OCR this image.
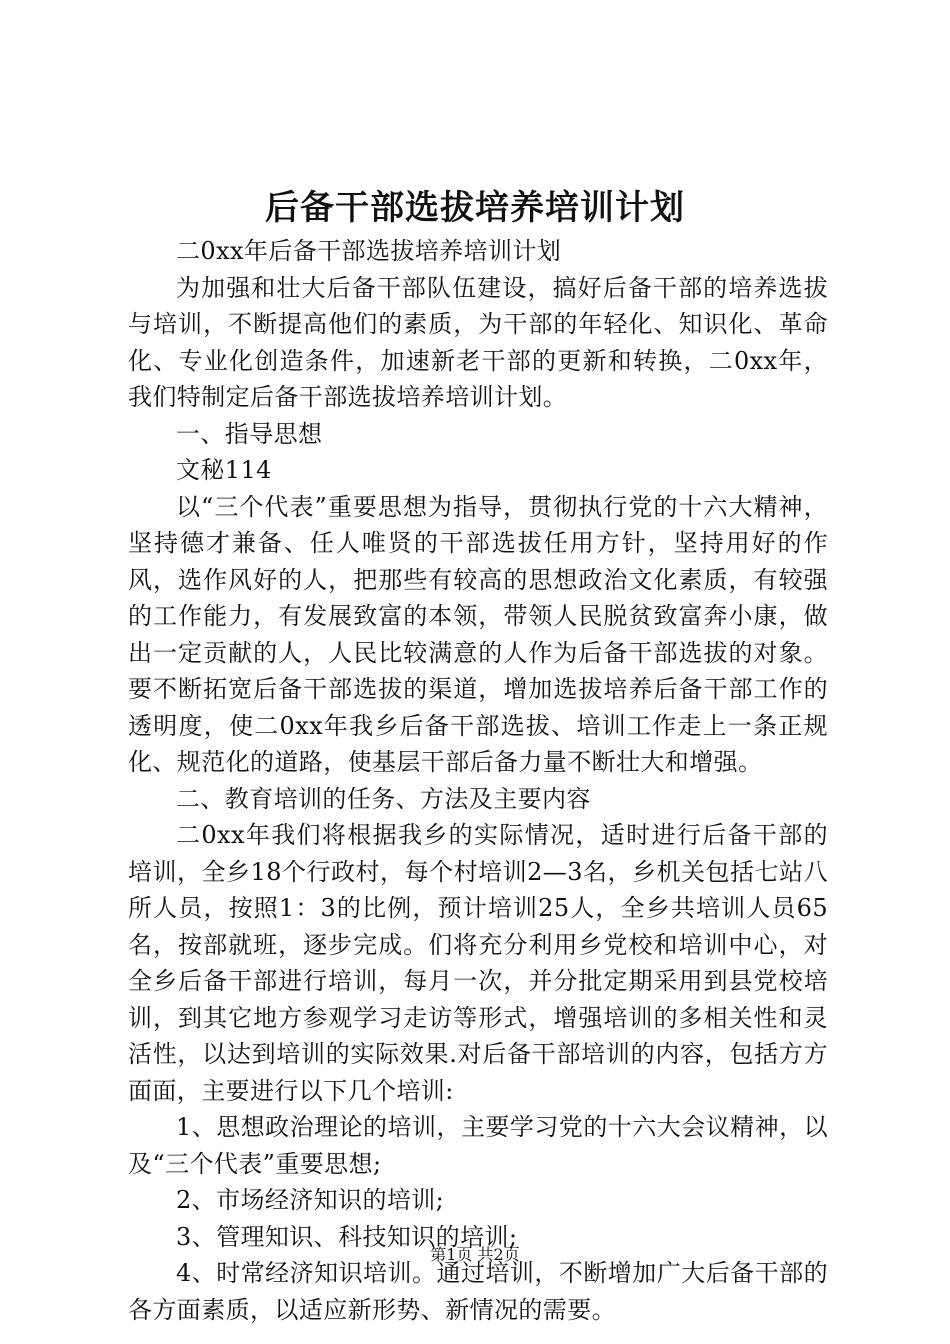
后备干部选拔培养培训计划

二0xx年后备干部选拔培养培训计划

为加强和壮大后备干部队伍建设，搞好后备干部的培养选拔与培训，不断提高他们的素质，为干部的年轻化、知识化、革命化、专业化创造条件，加速新老干部的更新和转换，二0xx年，我们特制定后备干部选拔培养培训计划。

一、指导思想

文秘114

以“三个代表”重要思想为指导，贯彻执行党的十六大精神，坚持德才兼备、任人唯贤的干部选拔任用方针，坚持用好的作风，选作风好的人，把那些有较高的思想政治文化素质，有较强的工作能力，有发展致富的本领，带领人民脱贫致富奔小康，做出一定贡献的人，人民比较满意的人作为后备干部选拔的对象。要不断拓宽后备干部选拔的渠道，增加选拔培养后备干部工作的透明度，使二0xx年我乡后备干部选拔、培训工作走上一条正规化、规范化的道路，使基层干部后备力量不断壮大和增强。

二、教育培训的任务、方法及主要内容

二0xx年我们将根据我乡的实际情况，适时进行后备干部的培训，全乡18个行政村，每个村培训2—3名，乡机关包括七站八所人员，按照1：3的比例，预计培训25人，全乡共培训人员65名，按部就班，逐步完成。们将充分利用乡党校和培训中心，对全乡后备干部进行培训，每月一次，并分批定期采用到县党校培训，到其它地方参观学习走访等形式，增强培训的多相关性和灵活性，以达到培训的实际效果.对后备干部培训的内容，包括方方面面，主要进行以下几个培训:

1、思想政治理论的培训，主要学习党的十六大会议精神，以及“三个代表”重要思想;

2、市场经济知识的培训;

3、管理知识、科技知识的培训;

4、时常经济知识培训。通过培训，不断增加广大后备干部的各方面素质，以适应新形势、新情况的需要。

第1页 共2页
